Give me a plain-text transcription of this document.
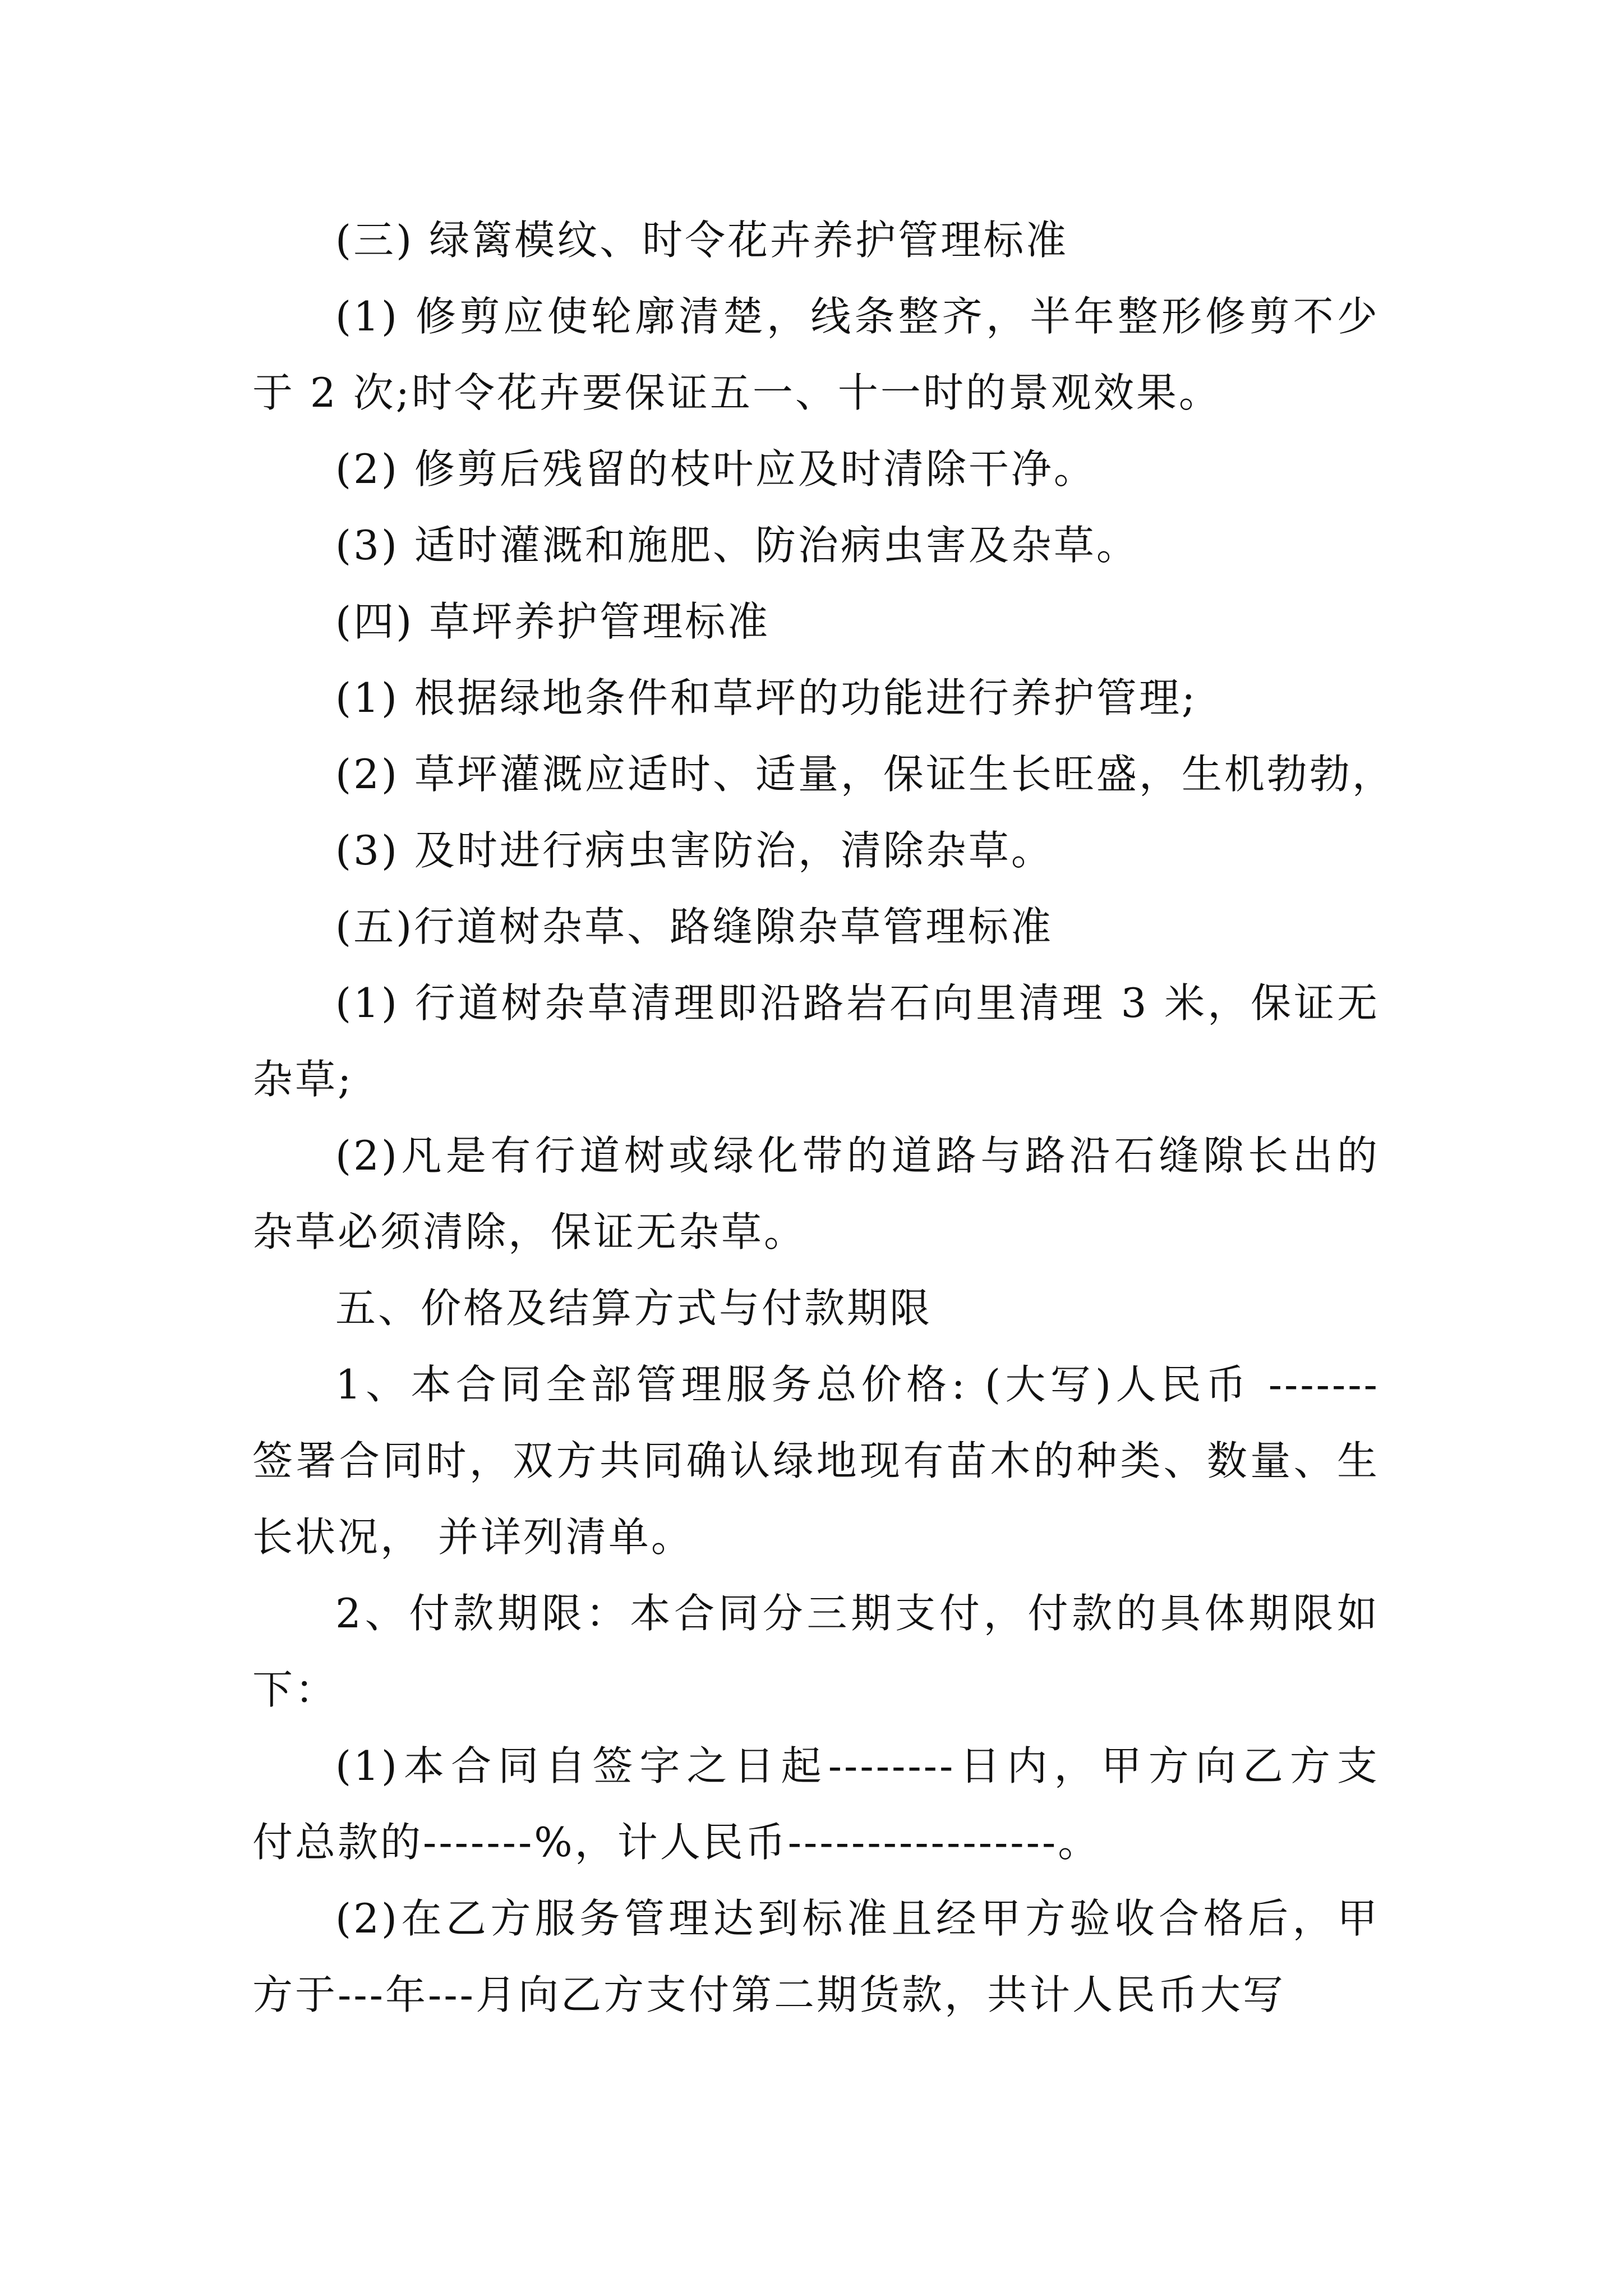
(三) 绿篱模纹、时令花卉养护管理标准
(1) 修剪应使轮廓清楚，线条整齐，半年整形修剪不少
于 2 次;时令花卉要保证五一、十一时的景观效果。
(2) 修剪后残留的枝叶应及时清除干净。
(3) 适时灌溉和施肥、防治病虫害及杂草。
(四) 草坪养护管理标准
(1) 根据绿地条件和草坪的功能进行养护管理;
(2) 草坪灌溉应适时、适量，保证生长旺盛，生机勃勃，
(3) 及时进行病虫害防治，清除杂草。
(五)行道树杂草、路缝隙杂草管理标准
(1) 行道树杂草清理即沿路岩石向里清理 3 米，保证无
杂草;
(2)凡是有行道树或绿化带的道路与路沿石缝隙长出的
杂草必须清除，保证无杂草。
五、价格及结算方式与付款期限
1、本合同全部管理服务总价格: (大写)人民币 -------
签署合同时，双方共同确认绿地现有苗木的种类、数量、生
长状况， 并详列清单。
2、付款期限：本合同分三期支付，付款的具体期限如
下：
(1)本合同自签字之日起--------日内，甲方向乙方支
付总款的-------%，计人民币-----------------。
(2)在乙方服务管理达到标准且经甲方验收合格后，甲
方于---年---月向乙方支付第二期货款，共计人民币大写
